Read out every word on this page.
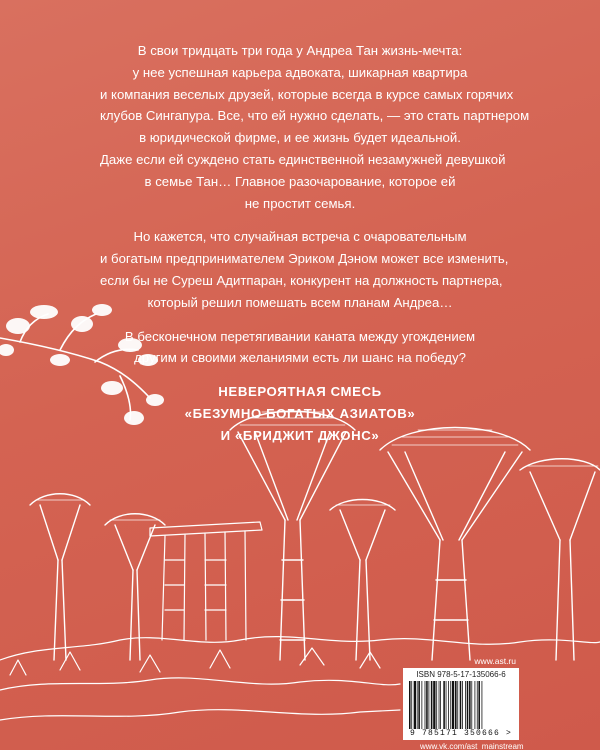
В свои тридцать три года у Андреа Тан жизнь-мечта:
у нее успешная карьера адвоката, шикарная квартира
и компания веселых друзей, которые всегда в курсе самых горячих
клубов Сингапура. Все, что ей нужно сделать, — это стать партнером
в юридической фирме, и ее жизнь будет идеальной.
Даже если ей суждено стать единственной незамужней девушкой
в семье Тан… Главное разочарование, которое ей
не простит семья.

Но кажется, что случайная встреча с очаровательным
и богатым предпринимателем Эриком Дэном может все изменить,
если бы не Суреш Адитпаран, конкурент на должность партнера,
который решил помешать всем планам Андреа…

В бесконечном перетягивании каната между угождением
другим и своими желаниями есть ли шанс на победу?

НЕВЕРОЯТНАЯ СМЕСЬ
«БЕЗУМНО БОГАТЫХ АЗИАТОВ»
И «БРИДЖИТ ДЖОНС»

www.ast.ru
ISBN 978-5-17-135066-6
9 785171 350666 >
www.vk.com/ast_mainstream
